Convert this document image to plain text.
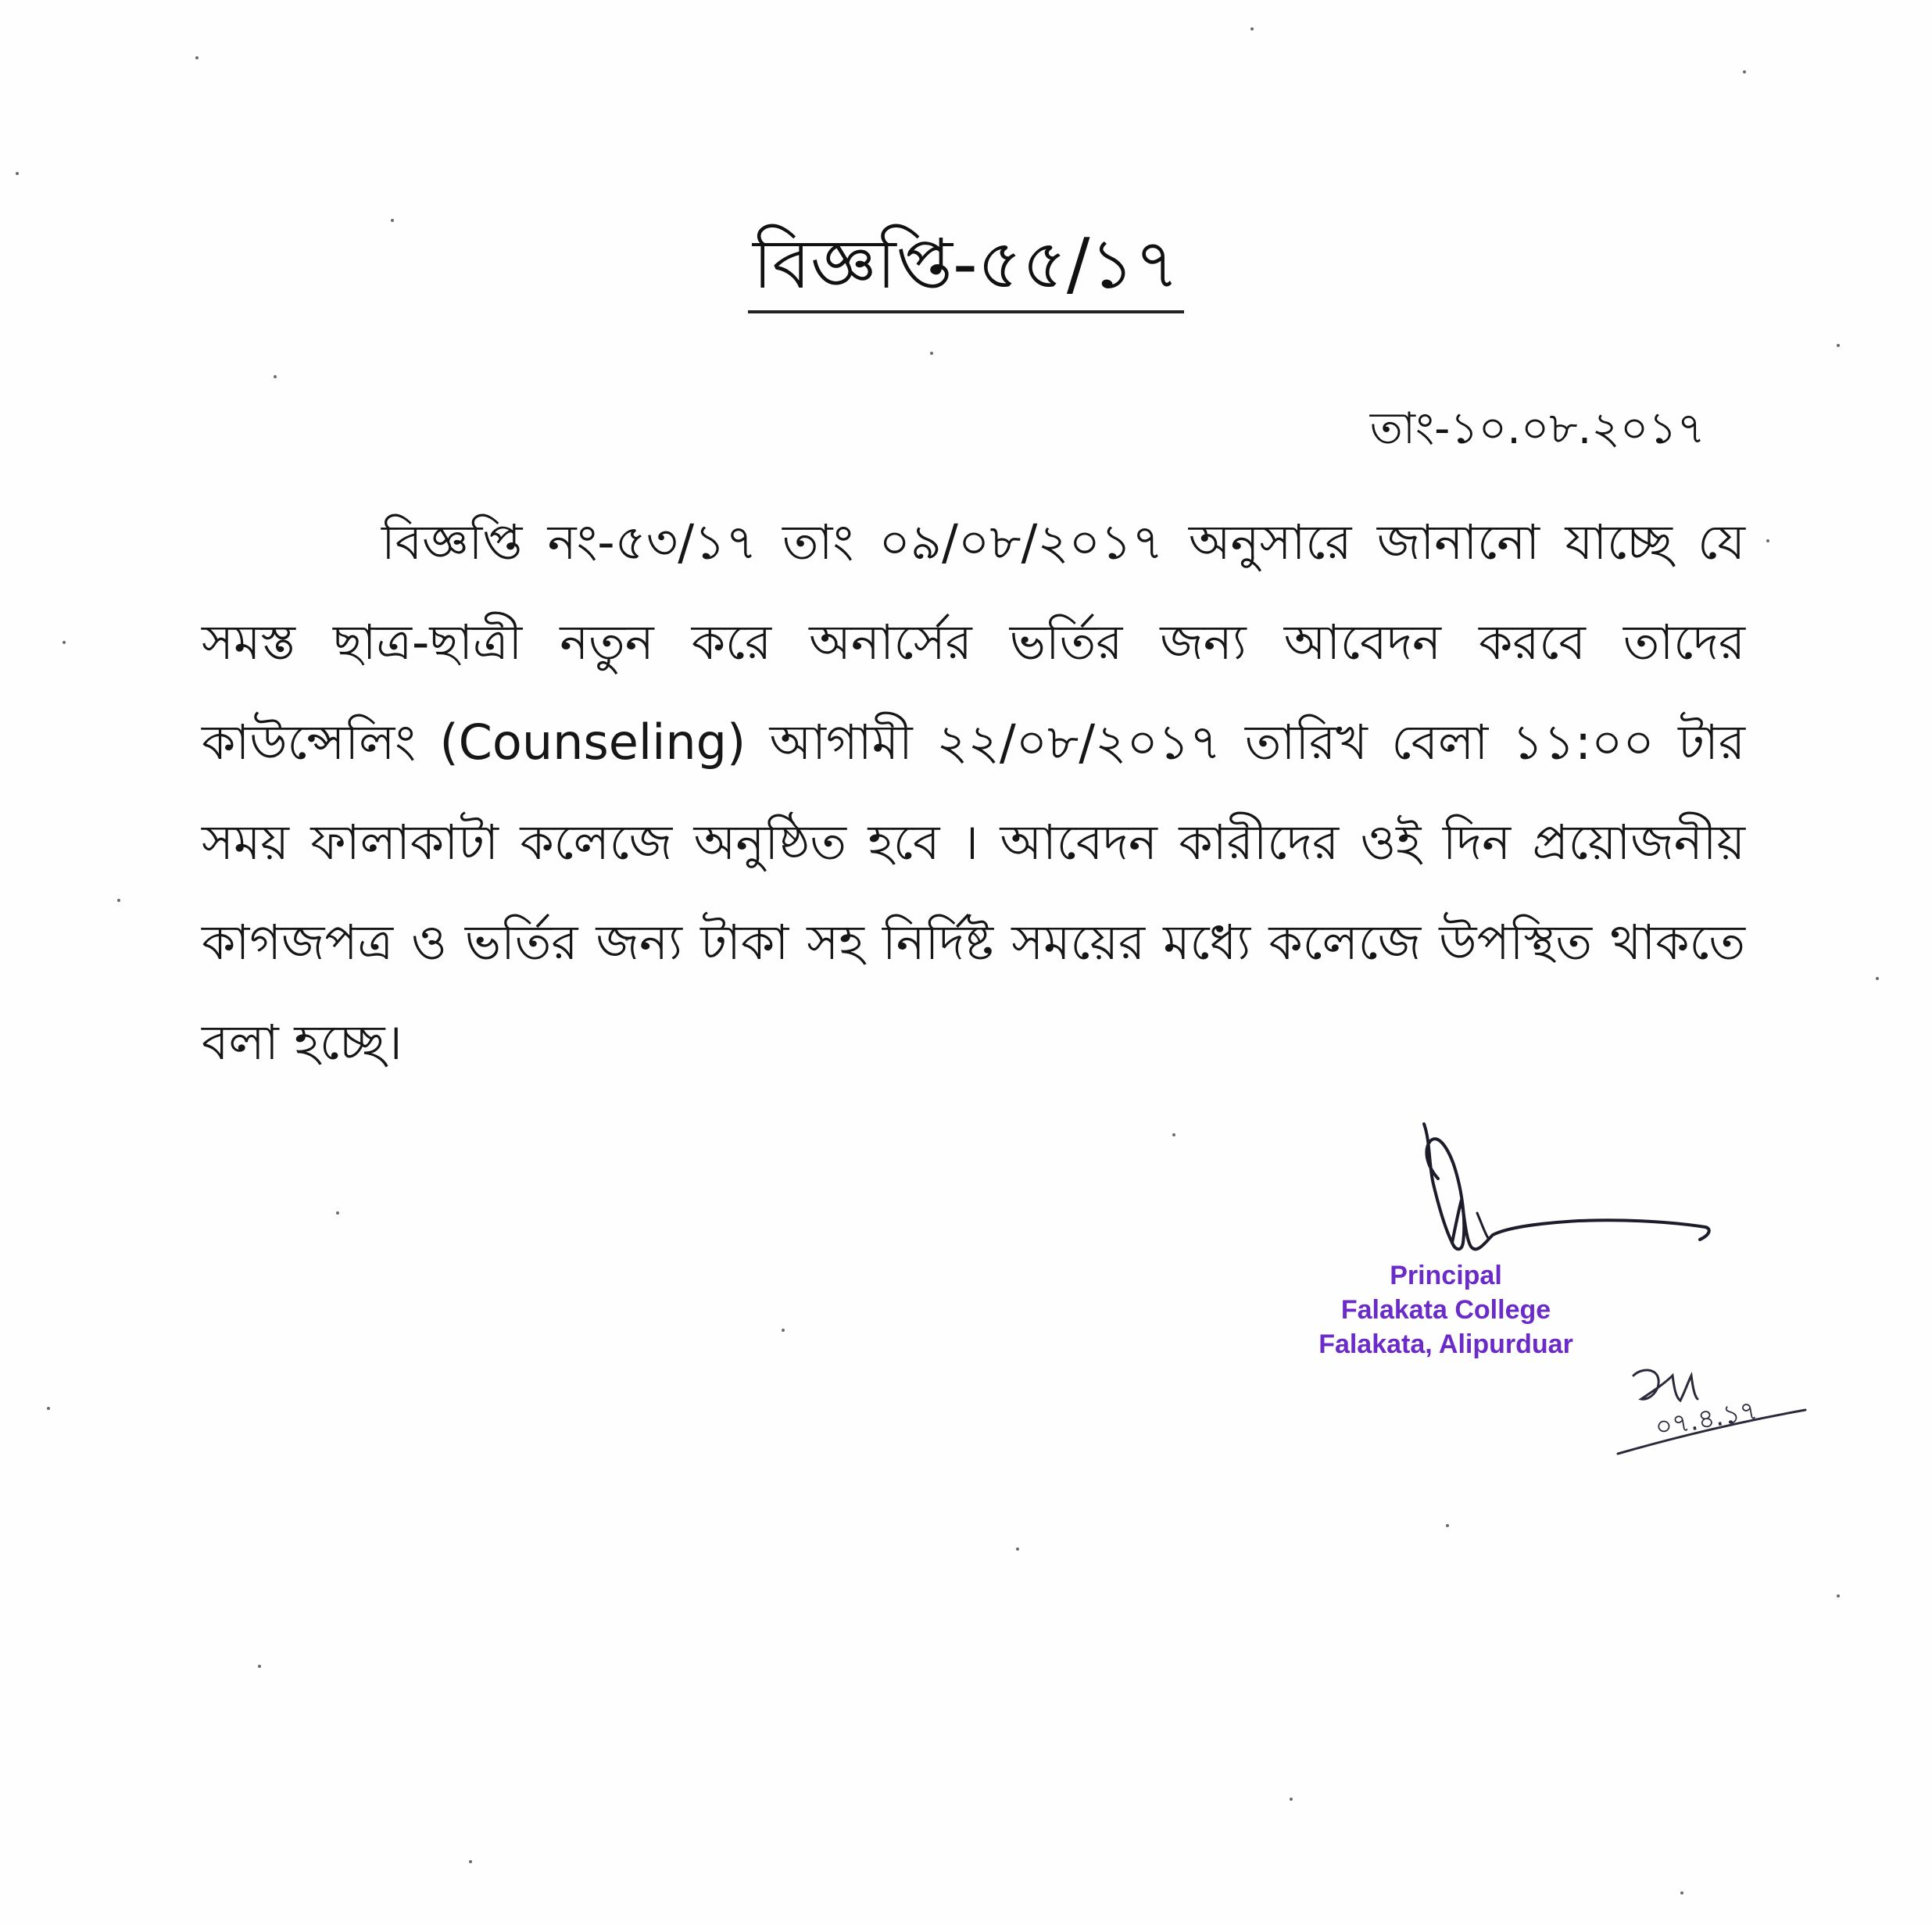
বিজ্ঞপ্তি-৫৫/১৭
তাং-১০.০৮.২০১৭
বিজ্ঞপ্তি নং-৫৩/১৭ তাং ০৯/০৮/২০১৭ অনুসারে জানানো যাচ্ছে যে সমস্ত ছাত্র-ছাত্রী নতুন করে অনার্সের ভর্তির জন্য আবেদন করবে তাদের কাউন্সেলিং (Counseling) আগামী ২২/০৮/২০১৭ তারিখ বেলা ১১:০০ টার সময় ফালাকাটা কলেজে অনুষ্ঠিত হবে । আবেদন কারীদের ওই দিন প্রয়োজনীয় কাগজপত্র ও ভর্তির জন্য টাকা সহ নির্দিষ্ট সময়ের মধ্যে কলেজে উপস্থিত থাকতে বলা হচ্ছে।
Principal
Falakata College
Falakata, Alipurduar
০৭.৪.১৭
